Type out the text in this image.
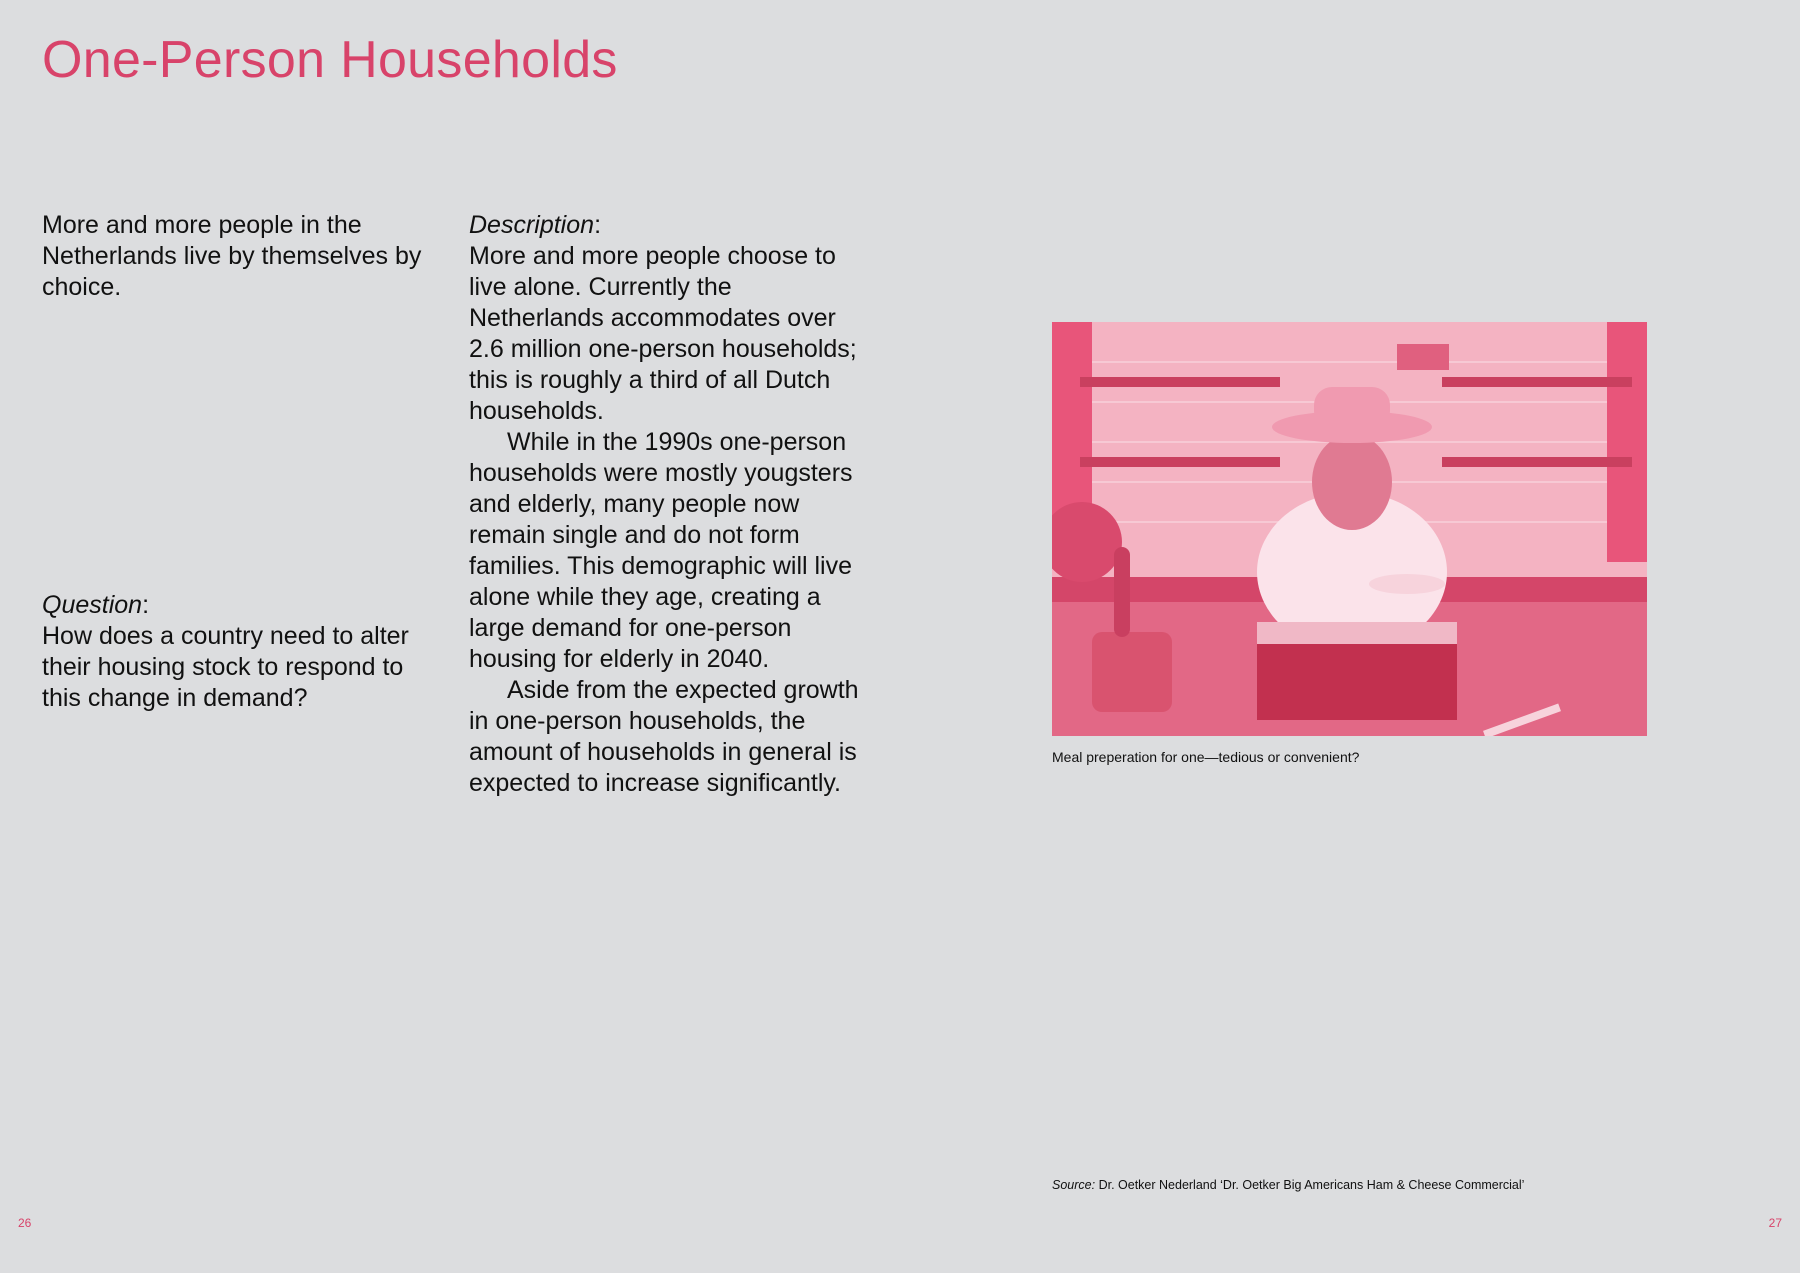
One-Person Households

More and more people in the Netherlands live by themselves by choice.

Question:
How does a country need to alter their housing stock to respond to this change in demand?
Description:

More and more people choose to live alone. Currently the Netherlands accommodates over 2.6 million one-person households; this is roughly a third of all Dutch households.

While in the 1990s one-person households were mostly yougsters and elderly, many people now remain single and do not form families. This demographic will live alone while they age, creating a large demand for one-person housing for elderly in 2040.

Aside from the expected growth in one-person households, the amount of households in general is expected to increase significantly.

Meal preperation for one—tedious or convenient?

Source: Dr. Oetker Nederland ‘Dr. Oetker Big Americans Ham & Cheese Commercial’

26	27
